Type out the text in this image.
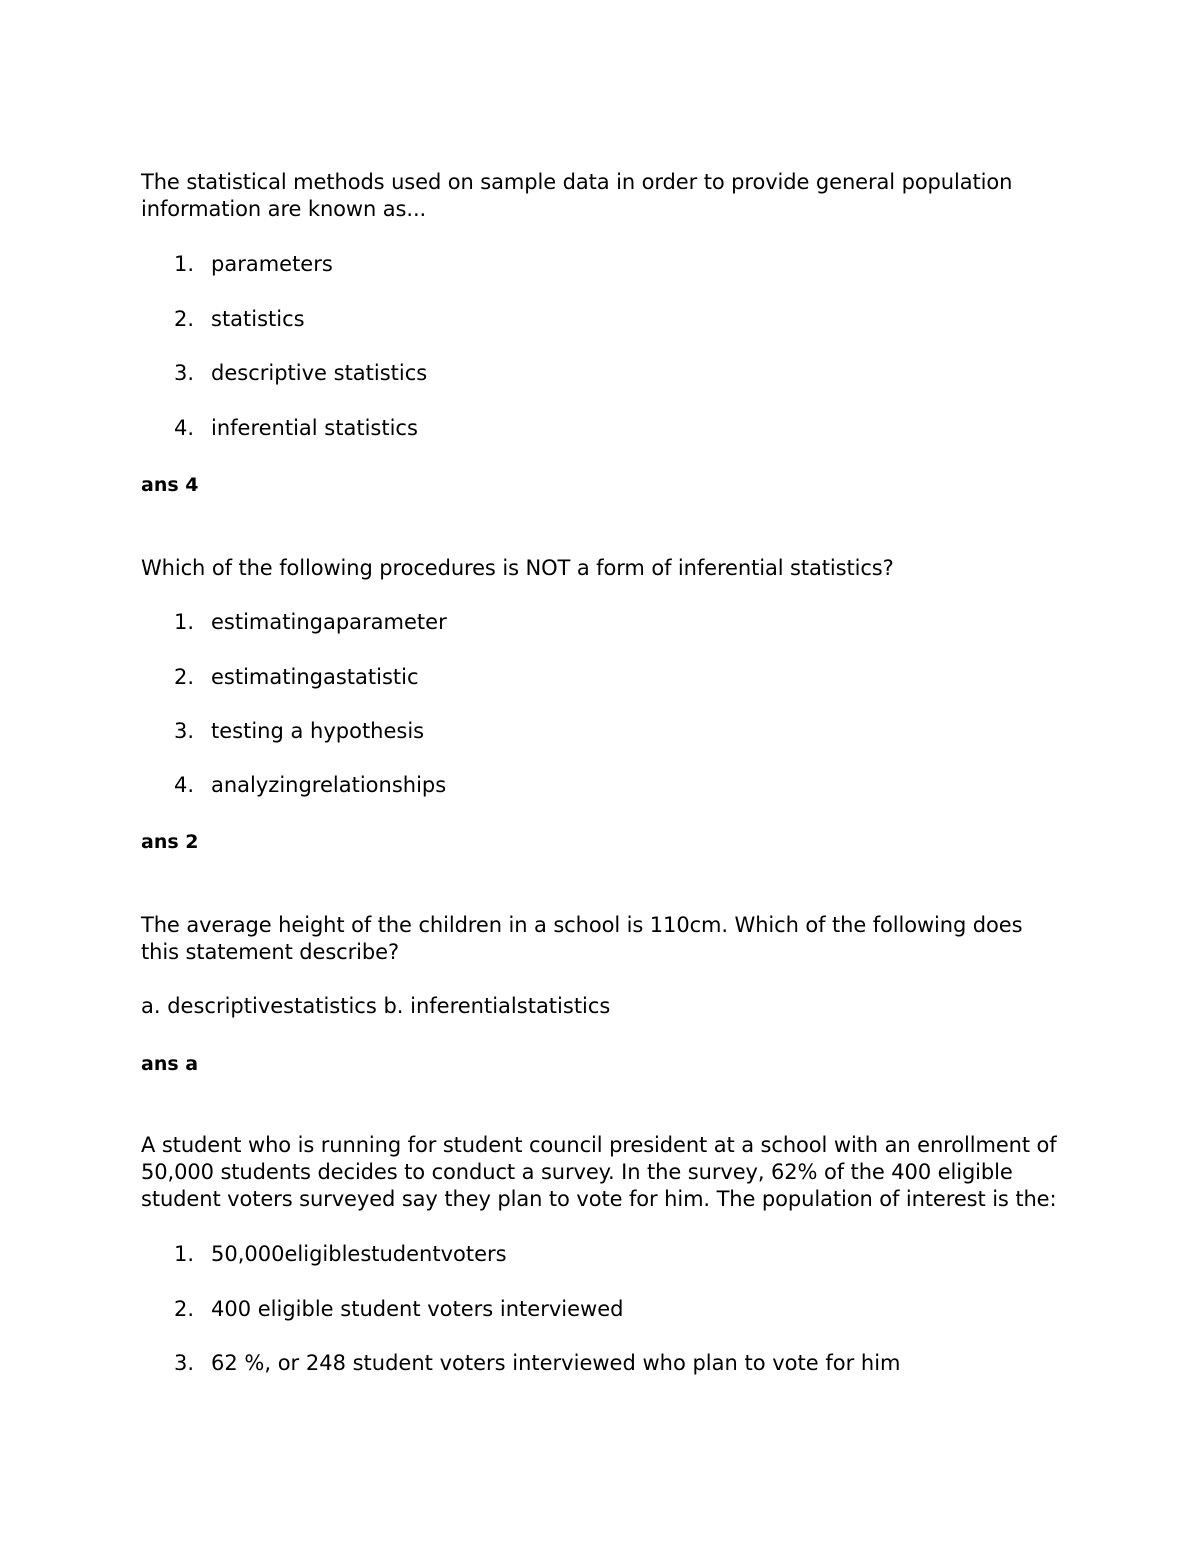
The statistical methods used on sample data in order to provide general population information are known as...

1. parameters
2. statistics
3. descriptive statistics
4. inferential statistics
ans 4

Which of the following procedures is NOT a form of inferential statistics?

1. estimatingaparameter
2. estimatingastatistic
3. testing a hypothesis
4. analyzingrelationships
ans 2

The average height of the children in a school is 110cm. Which of the following does this statement describe?

a. descriptivestatistics b. inferentialstatistics
ans a

A student who is running for student council president at a school with an enrollment of 50,000 students decides to conduct a survey. In the survey, 62% of the 400 eligible student voters surveyed say they plan to vote for him. The population of interest is the:

1. 50,000eligiblestudentvoters
2. 400 eligible student voters interviewed
3. 62 %, or 248 student voters interviewed who plan to vote for him
